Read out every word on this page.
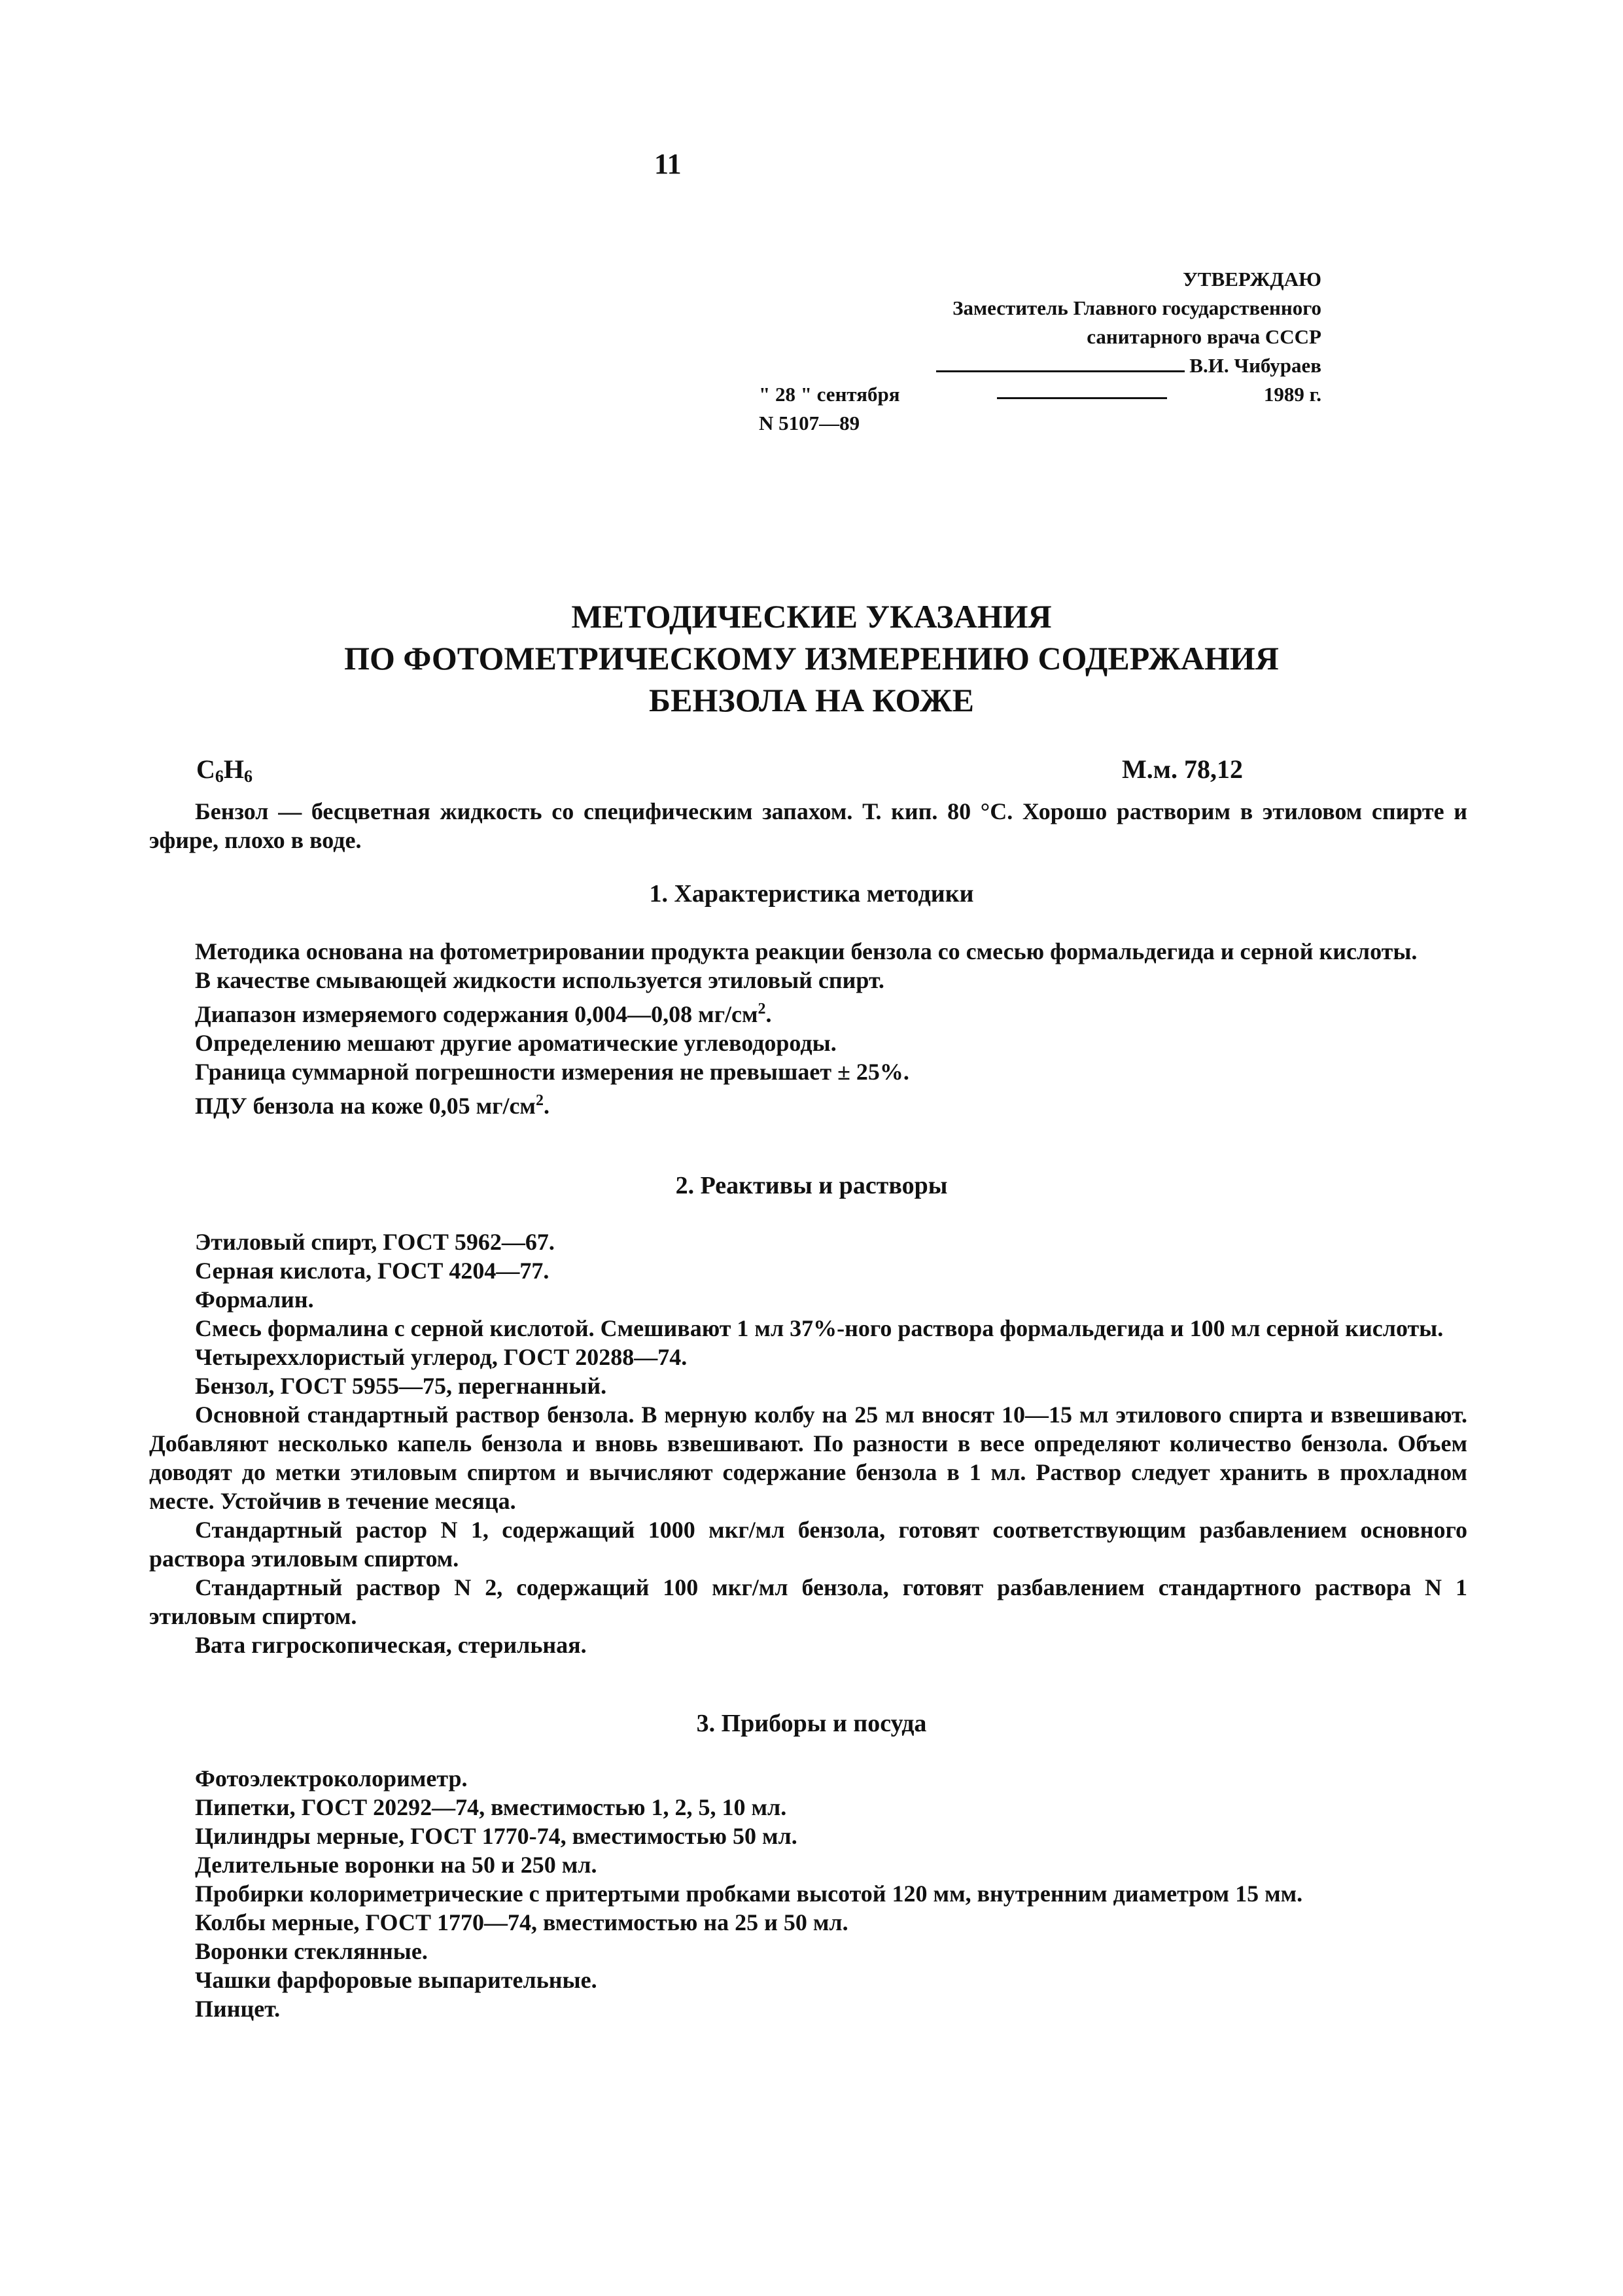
11
УТВЕРЖДАЮ
Заместитель Главного государственного
санитарного врача СССР
В.И. Чибураев
" 28 " сентября	1989 г.
N 5107—89
МЕТОДИЧЕСКИЕ УКАЗАНИЯ
ПО ФОТОМЕТРИЧЕСКОМУ ИЗМЕРЕНИЮ СОДЕРЖАНИЯ
БЕНЗОЛА НА КОЖЕ
$C_6H_6$	М.м. 78,12

Бензол — бесцветная жидкость со специфическим запахом. Т. кип. 80 °С. Хорошо растворим в этиловом спирте и эфире, плохо в воде.

1. Характеристика методики

Методика основана на фотометрировании продукта реакции бензола со смесью формальдегида и серной кислоты.

В качестве смывающей жидкости используется этиловый спирт.

Диапазон измеряемого содержания 0,004—0,08 $мг/см^2$.

Определению мешают другие ароматические углеводороды.

Граница суммарной погрешности измерения не превышает ± 25%.

ПДУ бензола на коже 0,05 $мг/см^2$.

2. Реактивы и растворы

Этиловый спирт, ГОСТ 5962—67.

Серная кислота, ГОСТ 4204—77.

Формалин.

Смесь формалина с серной кислотой. Смешивают 1 мл 37%-ного раствора формальдегида и 100 мл серной кислоты.

Четыреххлористый углерод, ГОСТ 20288—74.

Бензол, ГОСТ 5955—75, перегнанный.

Основной стандартный раствор бензола. В мерную колбу на 25 мл вносят 10—15 мл этилового спирта и взвешивают. Добавляют несколько капель бензола и вновь взвешивают. По разности в весе определяют количество бензола. Объем доводят до метки этиловым спиртом и вычисляют содержание бензола в 1 мл. Раствор следует хранить в прохладном месте. Устойчив в течение месяца.

Стандартный растор N 1, содержащий 1000 мкг/мл бензола, готовят соответствующим разбавлением основного раствора этиловым спиртом.

Стандартный раствор N 2, содержащий 100 мкг/мл бензола, готовят разбавлением стандартного раствора N 1 этиловым спиртом.

Вата гигроскопическая, стерильная.

3. Приборы и посуда

Фотоэлектроколориметр.

Пипетки, ГОСТ 20292—74, вместимостью 1, 2, 5, 10 мл.

Цилиндры мерные, ГОСТ 1770-74, вместимостью 50 мл.

Делительные воронки на 50 и 250 мл.

Пробирки колориметрические с притертыми пробками высотой 120 мм, внутренним диаметром 15 мм.

Колбы мерные, ГОСТ 1770—74, вместимостью на 25 и 50 мл.

Воронки стеклянные.

Чашки фарфоровые выпарительные.

Пинцет.
